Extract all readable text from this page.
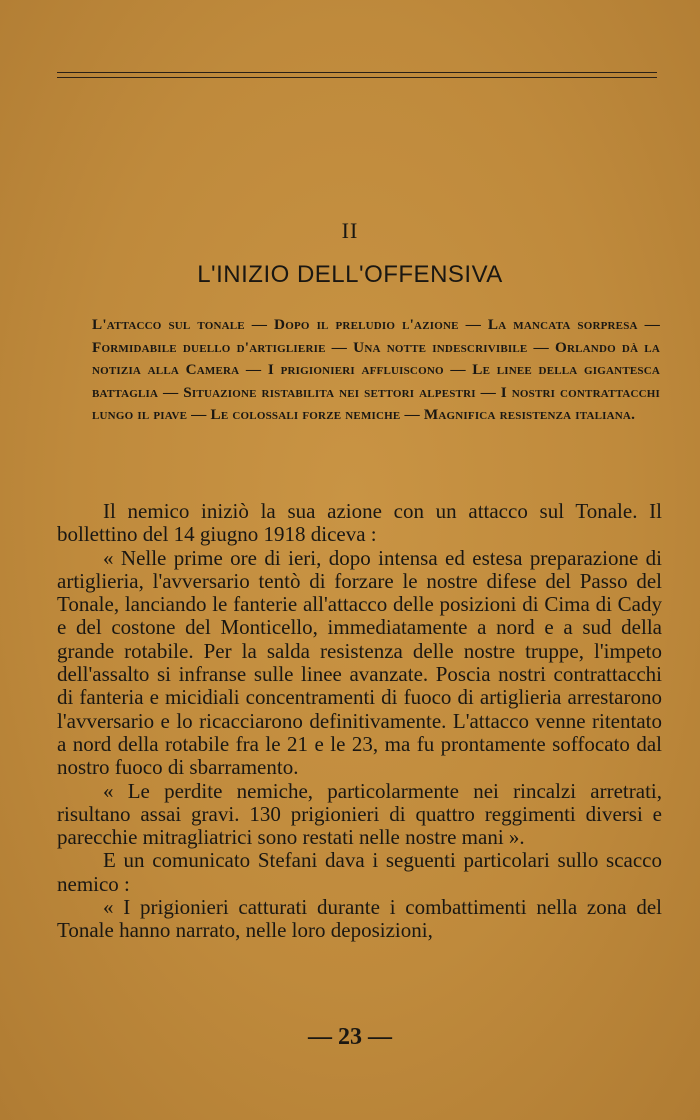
II
L'INIZIO DELL'OFFENSIVA
L'attacco sul tonale — Dopo il preludio l'azione — La mancata sorpresa — Formidabile duello d'artiglierie — Una notte indescrivibile — Orlando dà la notizia alla Camera — I prigionieri affluiscono — Le linee della gigantesca battaglia — Situazione ristabilita nei settori alpestri — I nostri contrattacchi lungo il piave — Le colossali forze nemiche — Magnifica resistenza italiana.

Il nemico iniziò la sua azione con un attacco sul Tonale. Il bollettino del 14 giugno 1918 diceva :

« Nelle prime ore di ieri, dopo intensa ed estesa preparazione di artiglieria, l'avversario tentò di forzare le nostre difese del Passo del Tonale, lanciando le fanterie all'attacco delle posizioni di Cima di Cady e del costone del Monticello, immediatamente a nord e a sud della grande rotabile. Per la salda resistenza delle nostre truppe, l'impeto dell'assalto si infranse sulle linee avanzate. Poscia nostri contrattacchi di fanteria e micidiali concentramenti di fuoco di artiglieria arrestarono l'avversario e lo ricacciarono definitivamente. L'attacco venne ritentato a nord della rotabile fra le 21 e le 23, ma fu prontamente soffocato dal nostro fuoco di sbarramento.

« Le perdite nemiche, particolarmente nei rincalzi arretrati, risultano assai gravi. 130 prigionieri di quattro reggimenti diversi e parecchie mitragliatrici sono restati nelle nostre mani ».

E un comunicato Stefani dava i seguenti particolari sullo scacco nemico :

« I prigionieri catturati durante i combattimenti nella zona del Tonale hanno narrato, nelle loro deposizioni,

— 23 —
